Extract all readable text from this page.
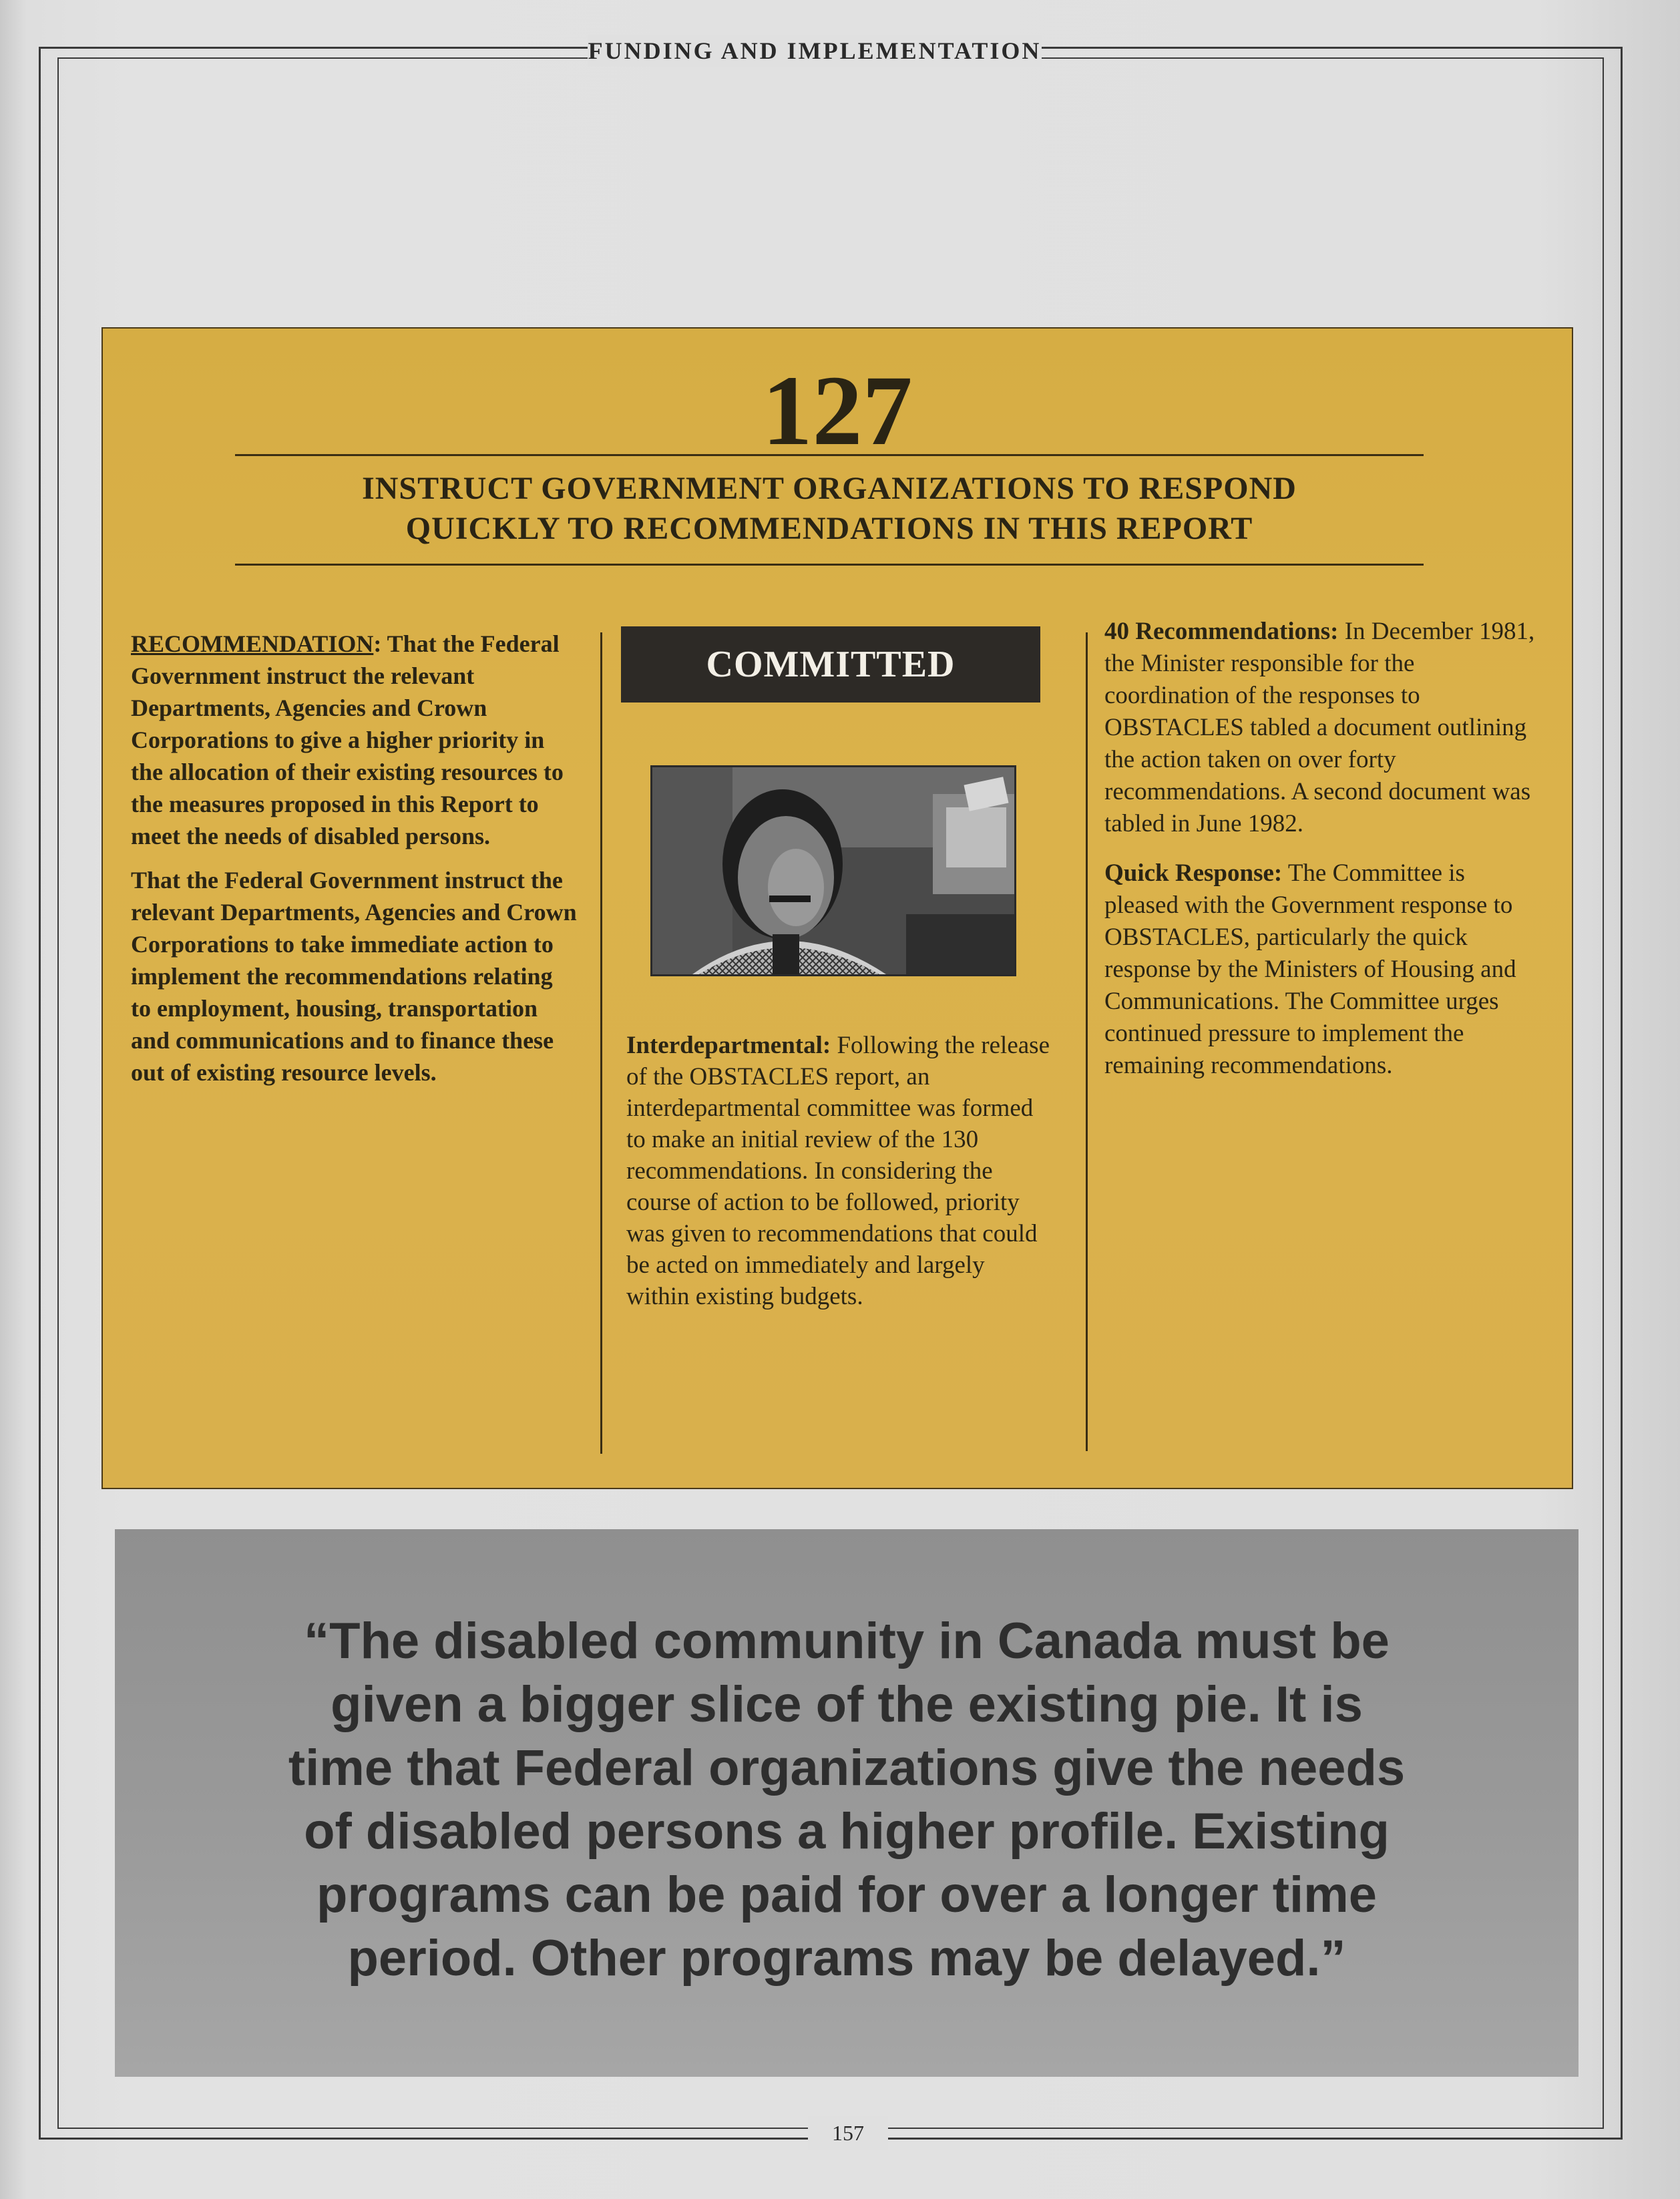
FUNDING AND IMPLEMENTATION
127
INSTRUCT GOVERNMENT ORGANIZATIONS TO RESPOND
QUICKLY TO RECOMMENDATIONS IN THIS REPORT

RECOMMENDATION: That the Federal Government instruct the relevant Departments, Agencies and Crown Corporations to give a higher priority in the allocation of their existing resources to the measures proposed in this Report to meet the needs of disabled persons.

That the Federal Government instruct the relevant Departments, Agencies and Crown Corporations to take immediate action to implement the recommendations relating to employment, housing, transportation and communications and to finance these out of existing resource levels.

COMMITTED

Interdepartmental: Following the release of the OBSTACLES report, an interdepartmental committee was formed to make an initial review of the 130 recommendations. In considering the course of action to be followed, priority was given to recommendations that could be acted on immediately and largely within existing budgets.

40 Recommendations: In December 1981, the Minister responsible for the coordination of the responses to OBSTACLES tabled a document outlining the action taken on over forty recommendations. A second document was tabled in June 1982.

Quick Response: The Committee is pleased with the Government response to OBSTACLES, particularly the quick response by the Ministers of Housing and Communications. The Committee urges continued pressure to implement the remaining recommendations.

“The disabled community in Canada must be
given a bigger slice of the existing pie. It is
time that Federal organizations give the needs
of disabled persons a higher profile. Existing
programs can be paid for over a longer time
period. Other programs may be delayed.”
157
